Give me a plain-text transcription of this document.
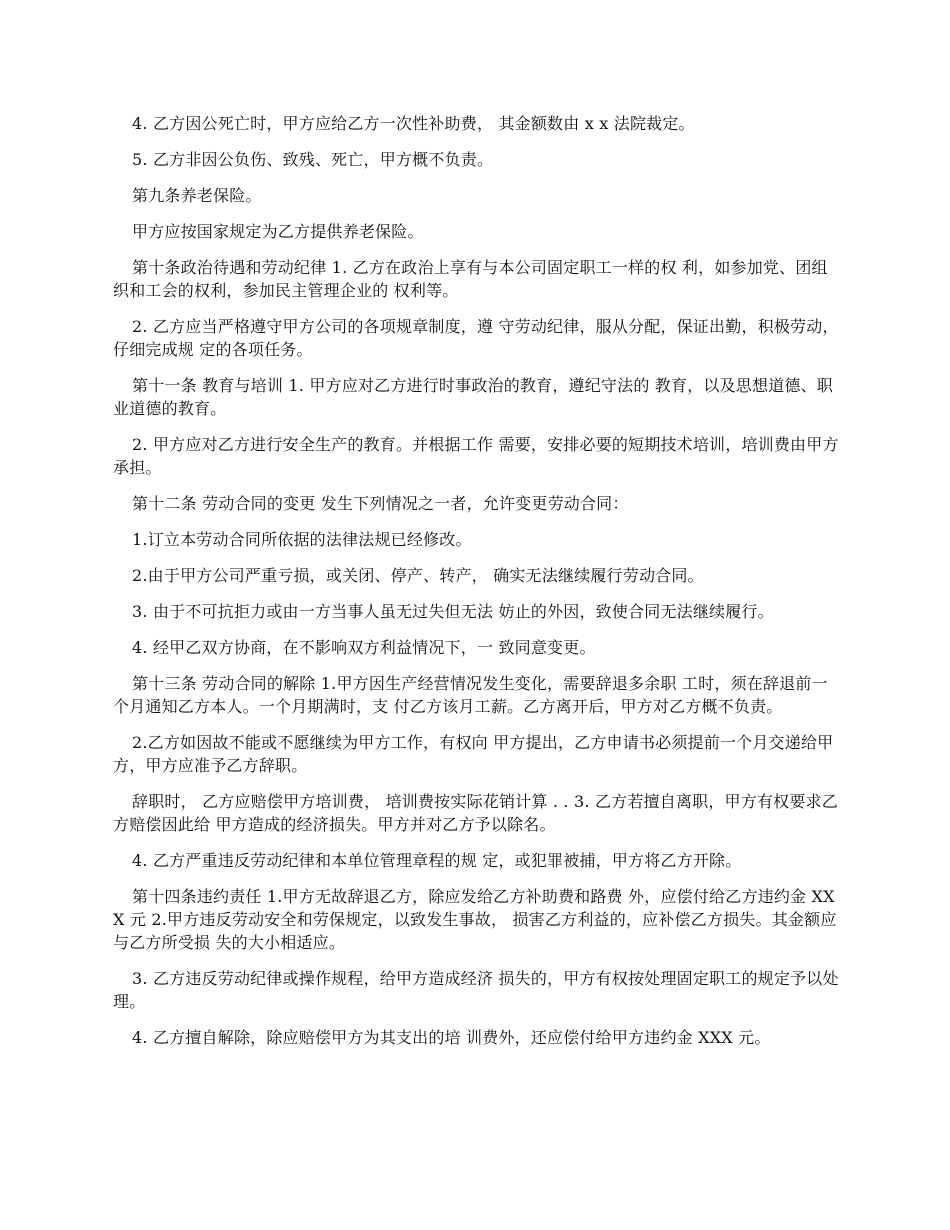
4. 乙方因公死亡时，甲方应给乙方一次性补助费， 其金额数由 x x 法院裁定。

5. 乙方非因公负伤、致残、死亡，甲方概不负责。

第九条养老保险。

甲方应按国家规定为乙方提供养老保险。

第十条政治待遇和劳动纪律 1. 乙方在政治上享有与本公司固定职工一样的权 利，如参加党、团组织和工会的权利，参加民主管理企业的 权利等。

2. 乙方应当严格遵守甲方公司的各项规章制度，遵 守劳动纪律，服从分配，保证出勤，积极劳动，仔细完成规 定的各项任务。

第十一条 教育与培训 1. 甲方应对乙方进行时事政治的教育，遵纪守法的 教育，以及思想道德、职业道德的教育。

2. 甲方应对乙方进行安全生产的教育。并根据工作 需要，安排必要的短期技术培训，培训费由甲方承担。

第十二条 劳动合同的变更 发生下列情况之一者，允许变更劳动合同：

1.订立本劳动合同所依据的法律法规已经修改。

2.由于甲方公司严重亏损，或关闭、停产、转产， 确实无法继续履行劳动合同。

3. 由于不可抗拒力或由一方当事人虽无过失但无法 妨止的外因，致使合同无法继续履行。

4. 经甲乙双方协商，在不影响双方利益情况下，一 致同意变更。

第十三条 劳动合同的解除 1.甲方因生产经营情况发生变化，需要辞退多余职 工时，须在辞退前一个月通知乙方本人。一个月期满时，支 付乙方该月工薪。乙方离开后，甲方对乙方概不负责。

2.乙方如因故不能或不愿继续为甲方工作，有权向 甲方提出，乙方申请书必须提前一个月交递给甲 方，甲方应准予乙方辞职。

辞职时， 乙方应赔偿甲方培训费， 培训费按实际花销计算 . . 3. 乙方若擅自离职，甲方有权要求乙方赔偿因此给 甲方造成的经济损失。甲方并对乙方予以除名。

4. 乙方严重违反劳动纪律和本单位管理章程的规 定，或犯罪被捕，甲方将乙方开除。

第十四条违约责任 1.甲方无故辞退乙方，除应发给乙方补助费和路费 外，应偿付给乙方违约金 XXX 元 2.甲方违反劳动安全和劳保规定，以致发生事故， 损害乙方利益的，应补偿乙方损失。其金额应与乙方所受损 失的大小相适应。

3. 乙方违反劳动纪律或操作规程，给甲方造成经济 损失的，甲方有权按处理固定职工的规定予以处理。

4. 乙方擅自解除，除应赔偿甲方为其支出的培 训费外，还应偿付给甲方违约金 XXX 元。
